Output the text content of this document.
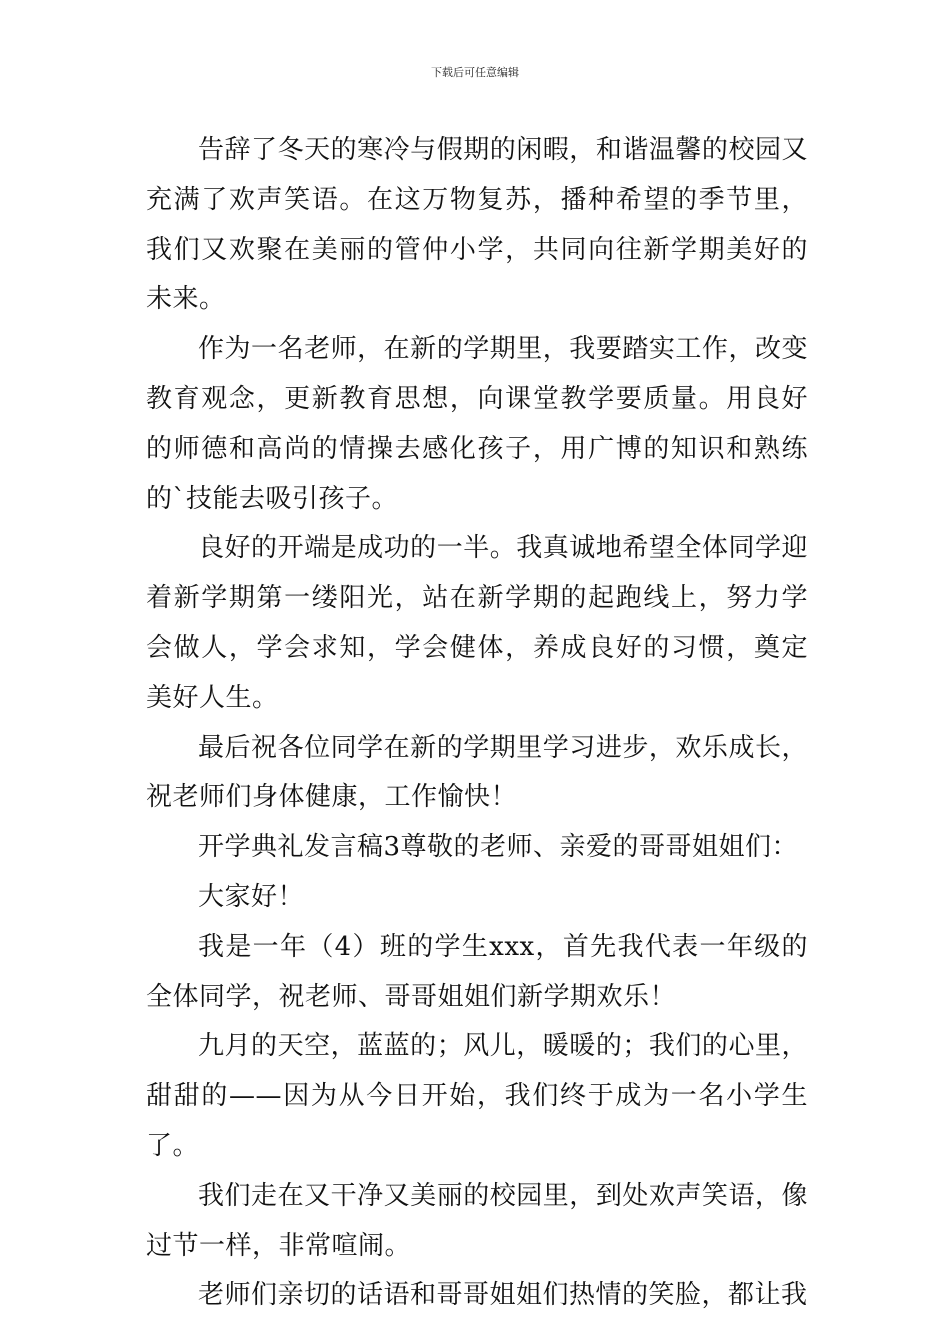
下载后可任意编辑

告辞了冬天的寒冷与假期的闲暇，和谐温馨的校园又充满了欢声笑语。在这万物复苏，播种希望的季节里，我们又欢聚在美丽的管仲小学，共同向往新学期美好的未来。

作为一名老师，在新的学期里，我要踏实工作，改变教育观念，更新教育思想，向课堂教学要质量。用良好的师德和高尚的情操去感化孩子，用广博的知识和熟练的`技能去吸引孩子。

良好的开端是成功的一半。我真诚地希望全体同学迎着新学期第一缕阳光，站在新学期的起跑线上，努力学会做人，学会求知，学会健体，养成良好的习惯，奠定美好人生。

最后祝各位同学在新的学期里学习进步，欢乐成长，祝老师们身体健康，工作愉快！

开学典礼发言稿3尊敬的老师、亲爱的哥哥姐姐们：

大家好！

我是一年（4）班的学生xxx，首先我代表一年级的全体同学，祝老师、哥哥姐姐们新学期欢乐！

九月的天空，蓝蓝的；风儿，暖暖的；我们的心里，甜甜的——因为从今日开始，我们终于成为一名小学生了。

我们走在又干净又美丽的校园里，到处欢声笑语，像过节一样，非常喧闹。

老师们亲切的话语和哥哥姐姐们热情的笑脸，都让我
